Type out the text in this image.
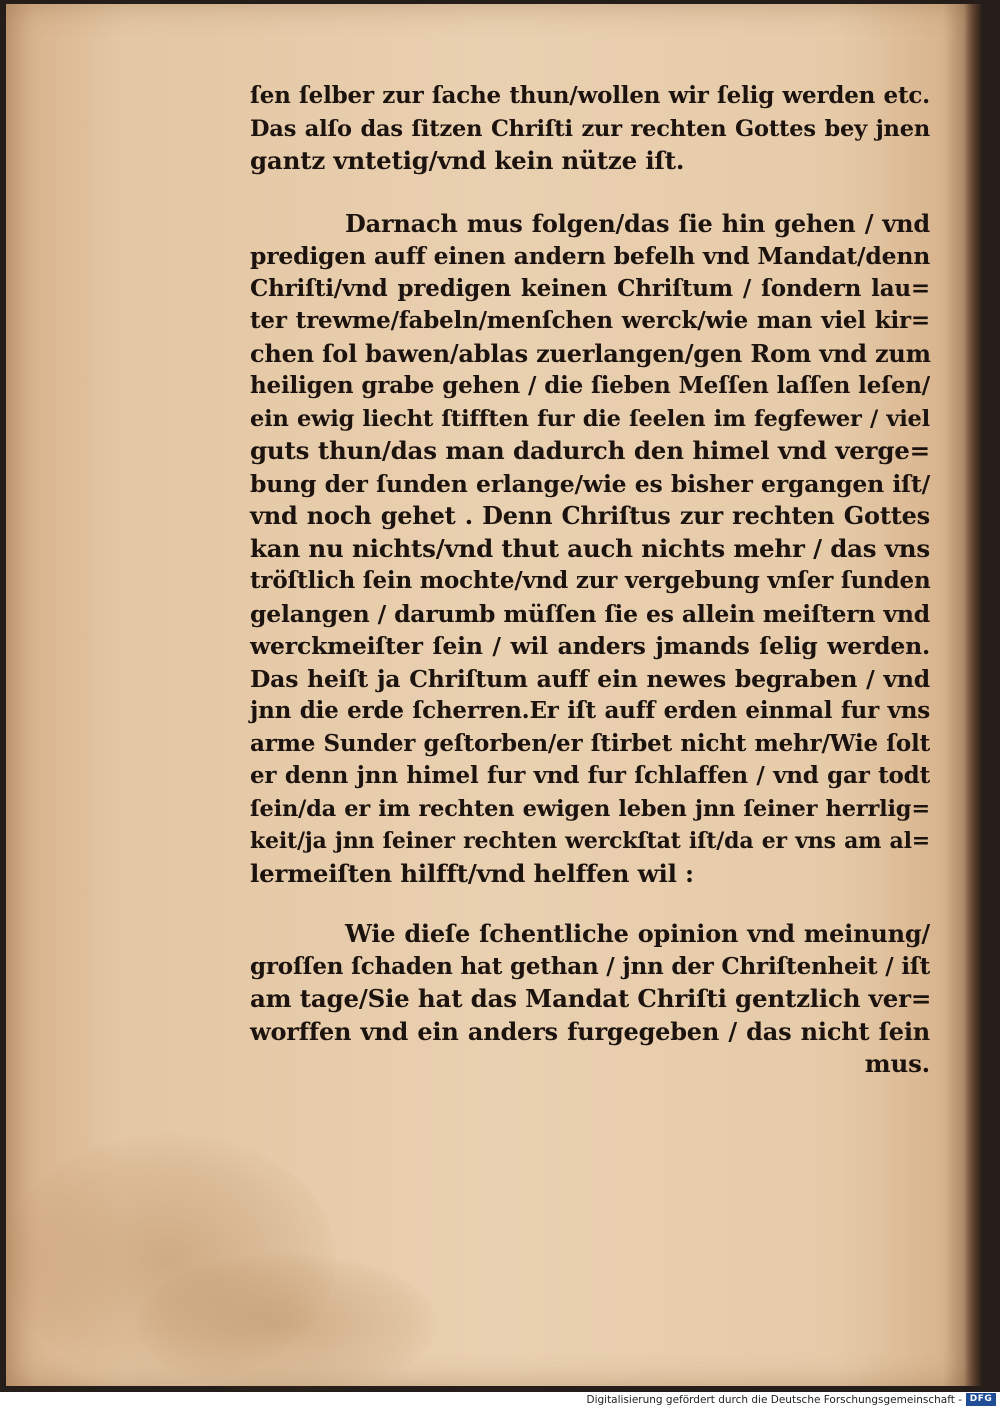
ſen ſelber zur ſache thun/wollen wir ſelig werden etc.
Das alſo das ſitzen Chriſti zur rechten Gottes bey jnen
gantz vntetig/vnd kein nütze iſt.
Darnach mus folgen/das ſie hin gehen / vnd
predigen auff einen andern befelh vnd Mandat/denn
Chriſti/vnd predigen keinen Chriſtum / ſondern lau=
ter trewme/fabeln/menſchen werck/wie man viel kir=
chen ſol bawen/ablas zuerlangen/gen Rom vnd zum
heiligen grabe gehen / die ſieben Meſſen laſſen leſen/
ein ewig liecht ſtifften fur die ſeelen im fegfewer / viel
guts thun/das man dadurch den himel vnd verge=
bung der ſunden erlange/wie es bisher ergangen iſt/
vnd noch gehet . Denn Chriſtus zur rechten Gottes
kan nu nichts/vnd thut auch nichts mehr / das vns
tröſtlich ſein mochte/vnd zur vergebung vnſer ſunden
gelangen / darumb müſſen ſie es allein meiſtern vnd
werckmeiſter ſein / wil anders jmands ſelig werden.
Das heiſt ja Chriſtum auff ein newes begraben / vnd
jnn die erde ſcherren.Er iſt auff erden einmal fur vns
arme Sunder geſtorben/er ſtirbet nicht mehr/Wie ſolt
er denn jnn himel fur vnd fur ſchlaffen / vnd gar todt
ſein/da er im rechten ewigen leben jnn ſeiner herrlig=
keit/ja jnn ſeiner rechten werckſtat iſt/da er vns am al=
lermeiſten hilfft/vnd helffen wil :
Wie dieſe ſchentliche opinion vnd meinung/
groſſen ſchaden hat gethan / jnn der Chriſtenheit / iſt
am tage/Sie hat das Mandat Chriſti gentzlich ver=
worffen vnd ein anders furgegeben / das nicht ſein
mus.
Digitalisierung gefördert durch die Deutsche Forschungsgemeinschaft - DFG
